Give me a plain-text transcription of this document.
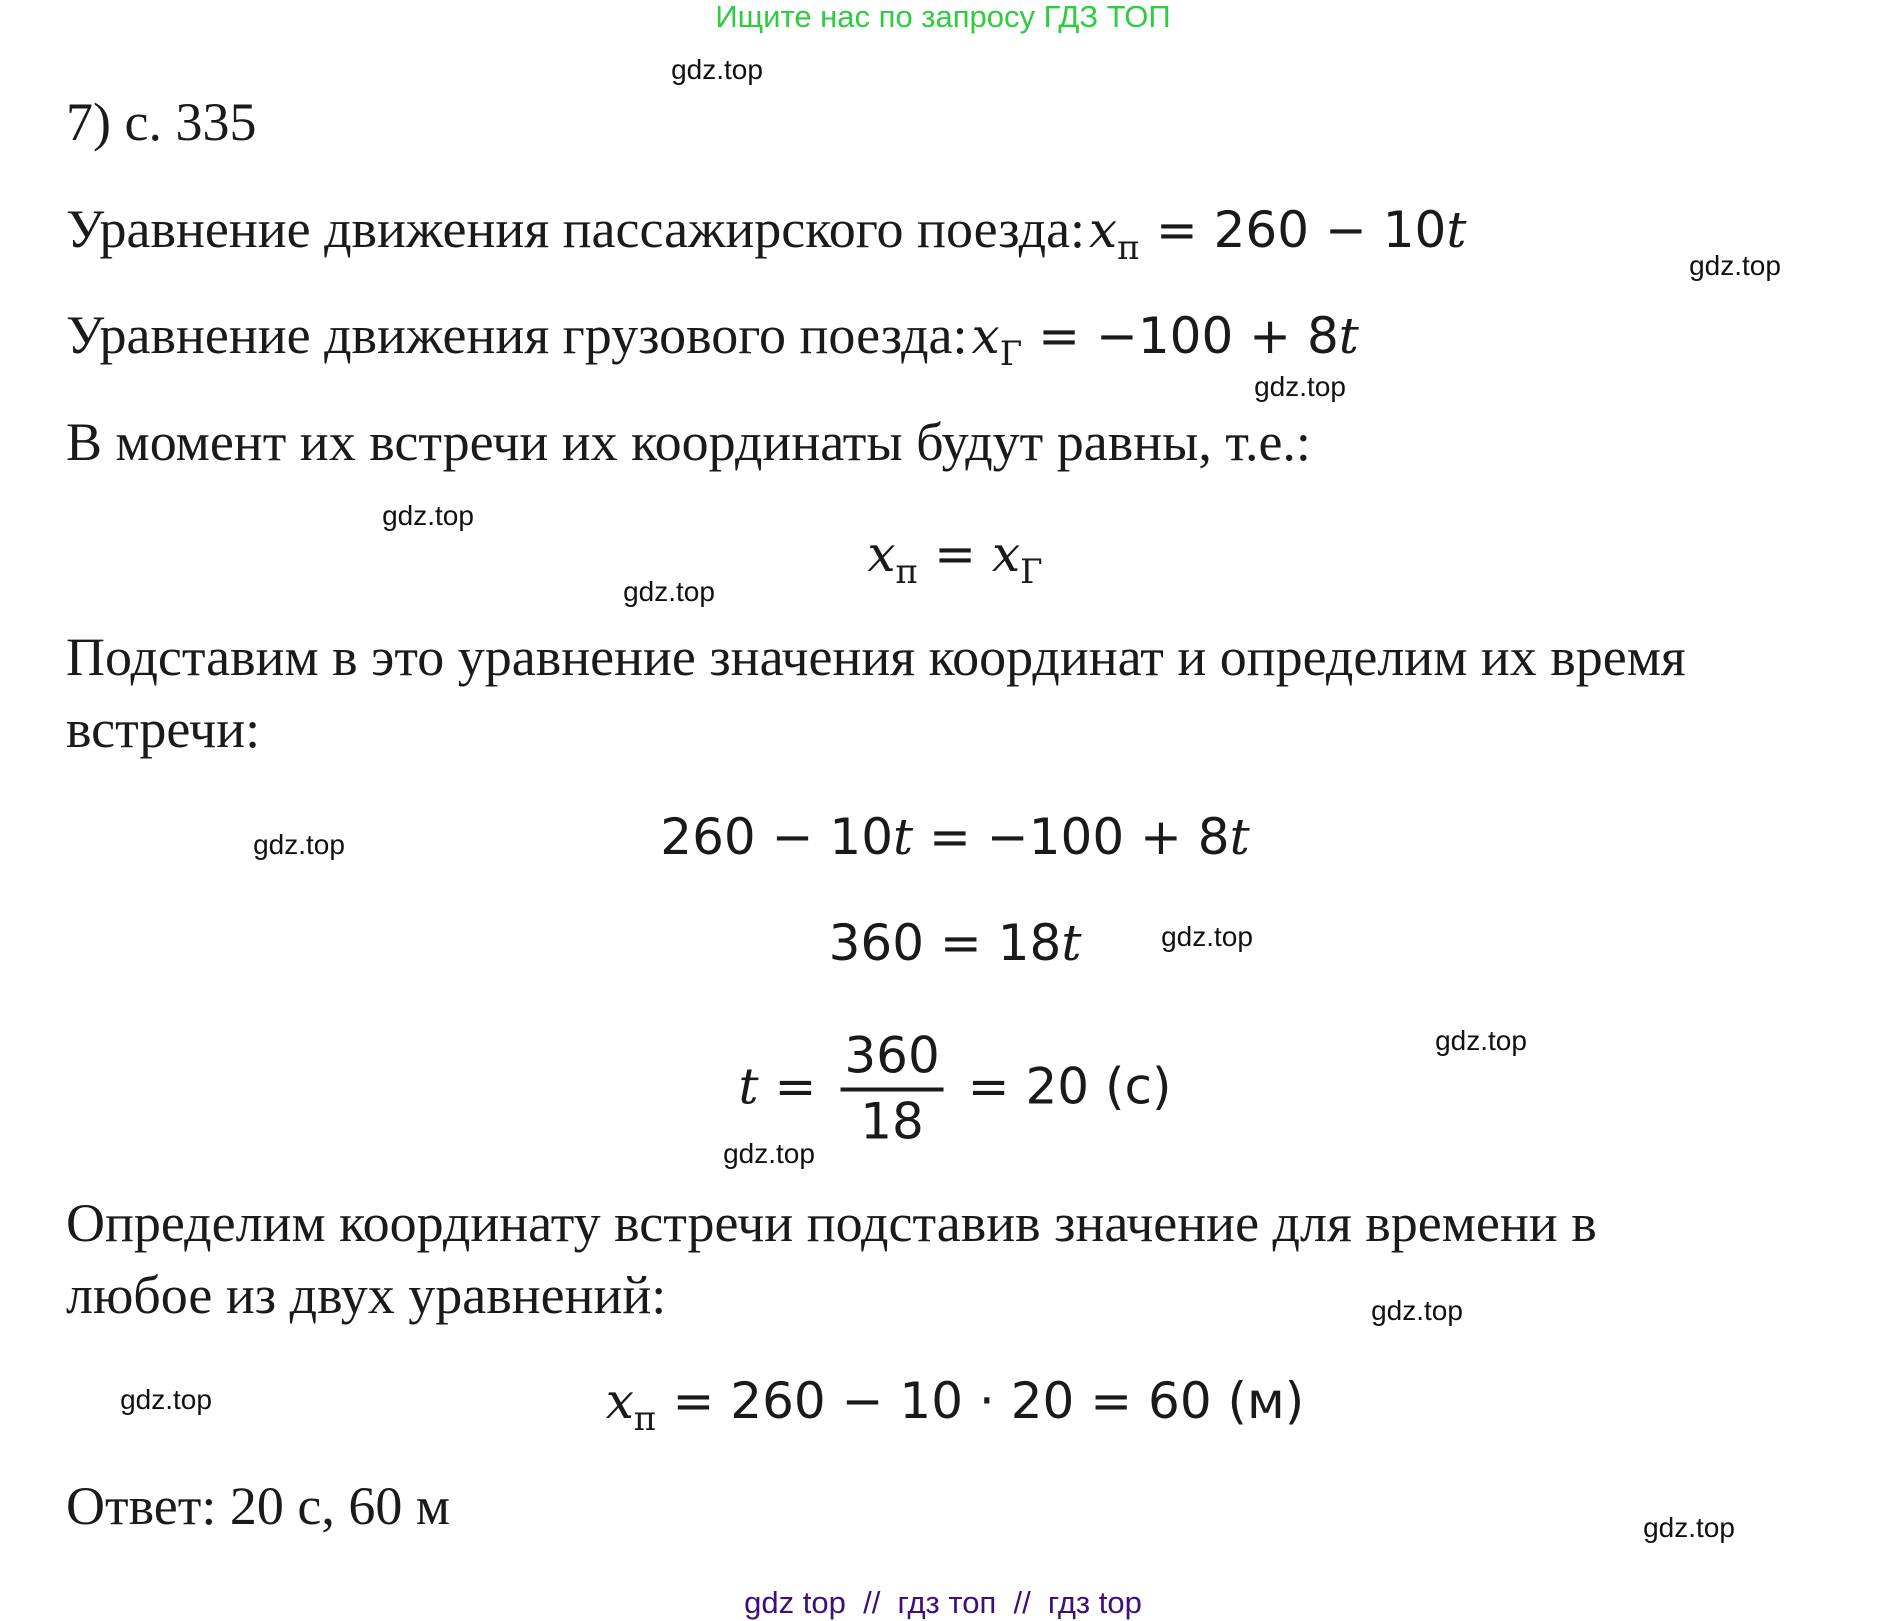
Ищите нас по запросу ГДЗ ТОП
7) с. 335
Уравнение движения пассажирского поезда: $x_п = 260 - 10t$
Уравнение движения грузового поезда: $x_Г = -100 + 8t$
В момент их встречи их координаты будут равны, т.е.:
$x_п = x_Г$
Подставим в это уравнение значения координат и определим их время
встречи:
260 − 10t = −100 + 8t
360 = 18t
$t = \frac{360}{18} = 20$ (с)
Определим координату встречи подставив значение для времени в
любое из двух уравнений:
$x_п = 260 - 10 \cdot 20 = 60$ (м)
Ответ: 20 с, 60 м
gdz.top
gdz.top
gdz.top
gdz.top
gdz.top
gdz.top
gdz.top
gdz.top
gdz.top
gdz.top
gdz.top
gdz.top
gdz top  //  гдз топ  //  гдз top
